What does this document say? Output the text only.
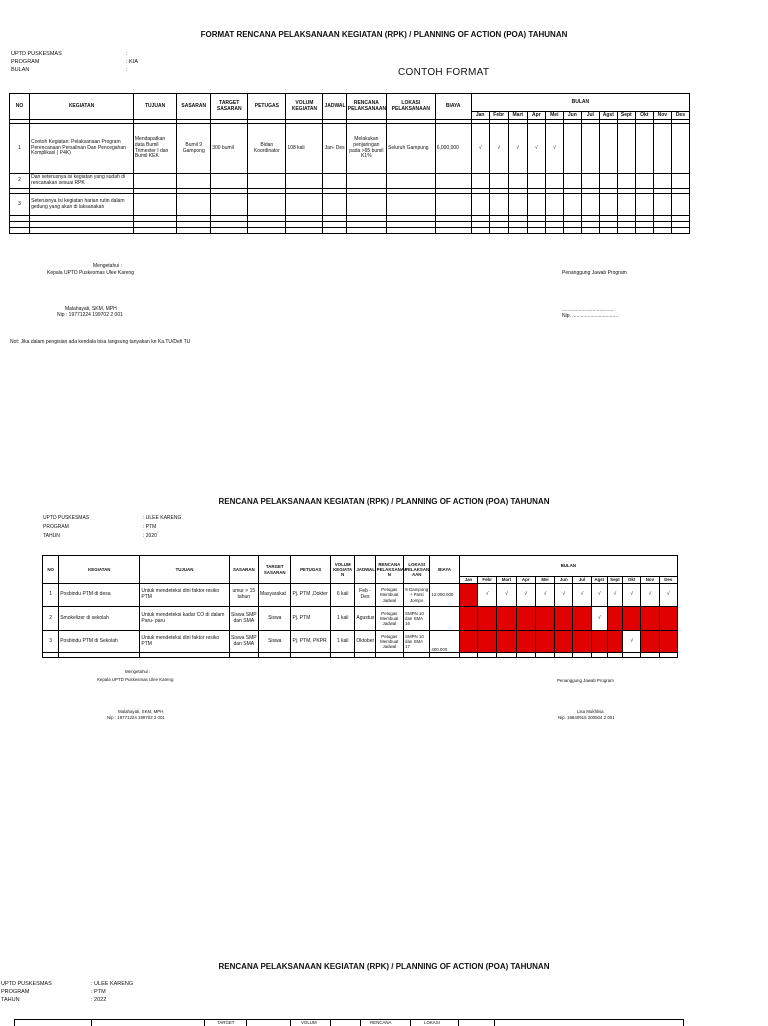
FORMAT RENCANA PELAKSANAAN KEGIATAN (RPK) / PLANNING OF ACTION (POA) TAHUNAN
UPTD PUSKESMAS	:
PROGRAM	: KIA
BULAN	:	CONTOH FORMAT
NO	KEGIATAN	TUJUAN	SASARAN	TARGET SASARAN	PETUGAS	VOLUM KEGIATAN	JADWAL	RENCANA PELAKSANAAN	LOKASI PELAKSANAAN	BIAYA	BULAN											
											Jan	Febr	Mart	Apr	Mei	Jun	Jul	Agst	Sept	Okt	Nov	Des

1	Contoh Kegiatan: Pelaksanaan Program Perencanaan Persalinan Dan Pencegahan Komplikasi ( P4K)	Mendapatkan data Bumil Trimester I dan Bumil KEK	Bumil 9 Gampong	300 bumil	Bidan Koordinator	108 kali	Jan- Des	Melakukan penjaringan pada >95 bumil K1%	Seluruh Gampung	6,000,000	√	√	√	√	√							
2	Dan seterusnya isi kegiatan yang sudah di rencanakan sesuai RPK																					

3	Seterusnya Isi kegiatan harian rutin dalam gedung yang akan di laksanakan																					

Mengetahui :
Kepala UPTD Puskesmas Ulee Kareng	Penanggung Jawab Program
Malahayati, SKM, MPH
Nip : 19771224 199702 2 001
......................................
Nip. .................................
Not: Jika dalam pengisian ada kendala bisa langsung tanyakan ke Ka.TU/Defi TU
RENCANA PELAKSANAAN KEGIATAN (RPK) / PLANNING OF ACTION (POA) TAHUNAN
UPTD PUSKESMAS	: ULEE KARENG
PROGRAM	: PTM
TAHUN	: 2020
NO	KEGIATAN	TUJUAN	SASARAN	TARGET SASARAN	PETUGAS	VOLUM KEGIATA N	JADWAL	RENCANA PELAKSANAA N	LOKASI PELAKSAN AAN	BIAYA	BULAN											
											Jan	Febr	Mart	Apr	Mei	Jun	Jul	Agst	Sept	Okt	Nov	Des
1	Posbindu PTM di desa	Untuk mendeteksi dini faktor resiko PTM	umur > 15 tahun	Masyarakat	Pj. PTM ,Dokter	6 kali	Feb - Des	Petugas Membuat Jadwal	9 Gampong + Panti Jompo	12.000.000		√	√	√	√	√	√	√	√	√	√	√
2	Smokelizer di sekolah	Untuk mendeteksi kadar CO di dalam Paru- paru	Siswa SMP dan SMA	Siswa	Pj. PTM	1 kali	Agustus	Petugas Membuat Jadwal	SMPN 10 dan SMA 16									√				
3	Posbindu PTM di Sekolah	Untuk mendeteksi dini faktor resiko PTM	Siswa SMP dan SMA	Siswa	Pj. PTM, PKPR	1 kali	Oktober	Petugas Membuat Jadwal	SMPN 10 dan SMA 17	400.000										√		

Mengetahui :
Kepala UPTD Puskesmas Ulee Kareng	Penanggung Jawab Program
Malahayati, SKM, MPH
Nip : 19771224 199702 2 001
Lisa Mukhlisa
Nip. 19840915 200504 2 001
RENCANA PELAKSANAAN KEGIATAN (RPK) / PLANNING OF ACTION (POA) TAHUNAN
UPTD PUSKESMAS	: ULEE KARENG
PROGRAM	: PTM
TAHUN	: 2022
TARGET	VOLUM	RENCANA	LOKASI
